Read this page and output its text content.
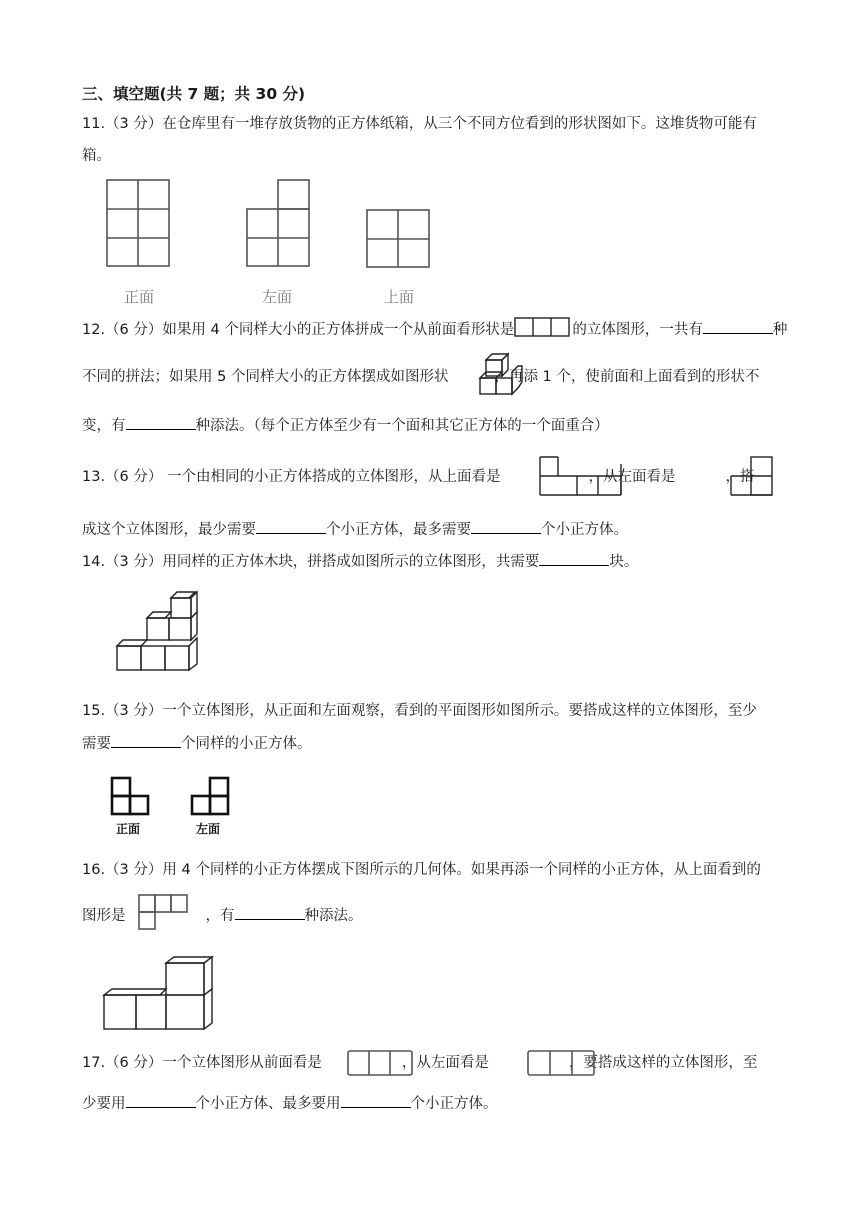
三、填空题(共 7 题；共 30 分)
11.（3 分）在仓库里有一堆存放货物的正方体纸箱，从三个不同方位看到的形状图如下。这堆货物可能有
箱。
正面	左面	上面
12.（6 分）如果用 4 个同样大小的正方体拼成一个从前面看形状是	的立体图形，一共有	种
不同的拼法；如果用 5 个同样大小的正方体摆成如图形状	，再添 1 个，使前面和上面看到的形状不
变，有	种添法。（每个正方体至少有一个面和其它正方体的一个面重合）
13.（6 分） 一个由相同的小正方体搭成的立体图形，从上面看是	，从左面看是	，搭
成这个立体图形，最少需要	个小正方体，最多需要	个小正方体。
14.（3 分）用同样的正方体木块，拼搭成如图所示的立体图形，共需要	块。
15.（3 分）一个立体图形，从正面和左面观察，看到的平面图形如图所示。要搭成这样的立体图形，至少
需要	个同样的小正方体。
正面	左面
16.（3 分）用 4 个同样的小正方体摆成下图所示的几何体。如果再添一个同样的小正方体，从上面看到的
图形是	，有	种添法。
17.（6 分）一个立体图形从前面看是	，从左面看是	，要搭成这样的立体图形，至
少要用	个小正方体、最多要用	个小正方体。
